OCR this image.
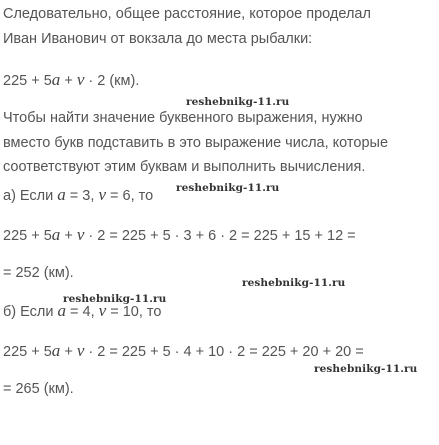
Следовательно, общее расстояние, которое проделал
Иван Иванович от вокзала до места рыбалки:
225 + 5a + v · 2 (км).
Чтобы найти значение буквенного выражения, нужно
вместо букв подставить в это выражение числа, которые
соответствуют этим буквам и выполнить вычисления.
а) Если a = 3, v = 6, то
225 + 5a + v · 2 = 225 + 5 · 3 + 6 · 2 = 225 + 15 + 12 =
= 252 (км).
б) Если a = 4, v = 10, то
225 + 5a + v · 2 = 225 + 5 · 4 + 10 · 2 = 225 + 20 + 20 =
= 265 (км).
reshebnikg-11.ru
reshebnikg-11.ru
reshebnikg-11.ru
reshebnikg-11.ru
reshebnikg-11.ru
